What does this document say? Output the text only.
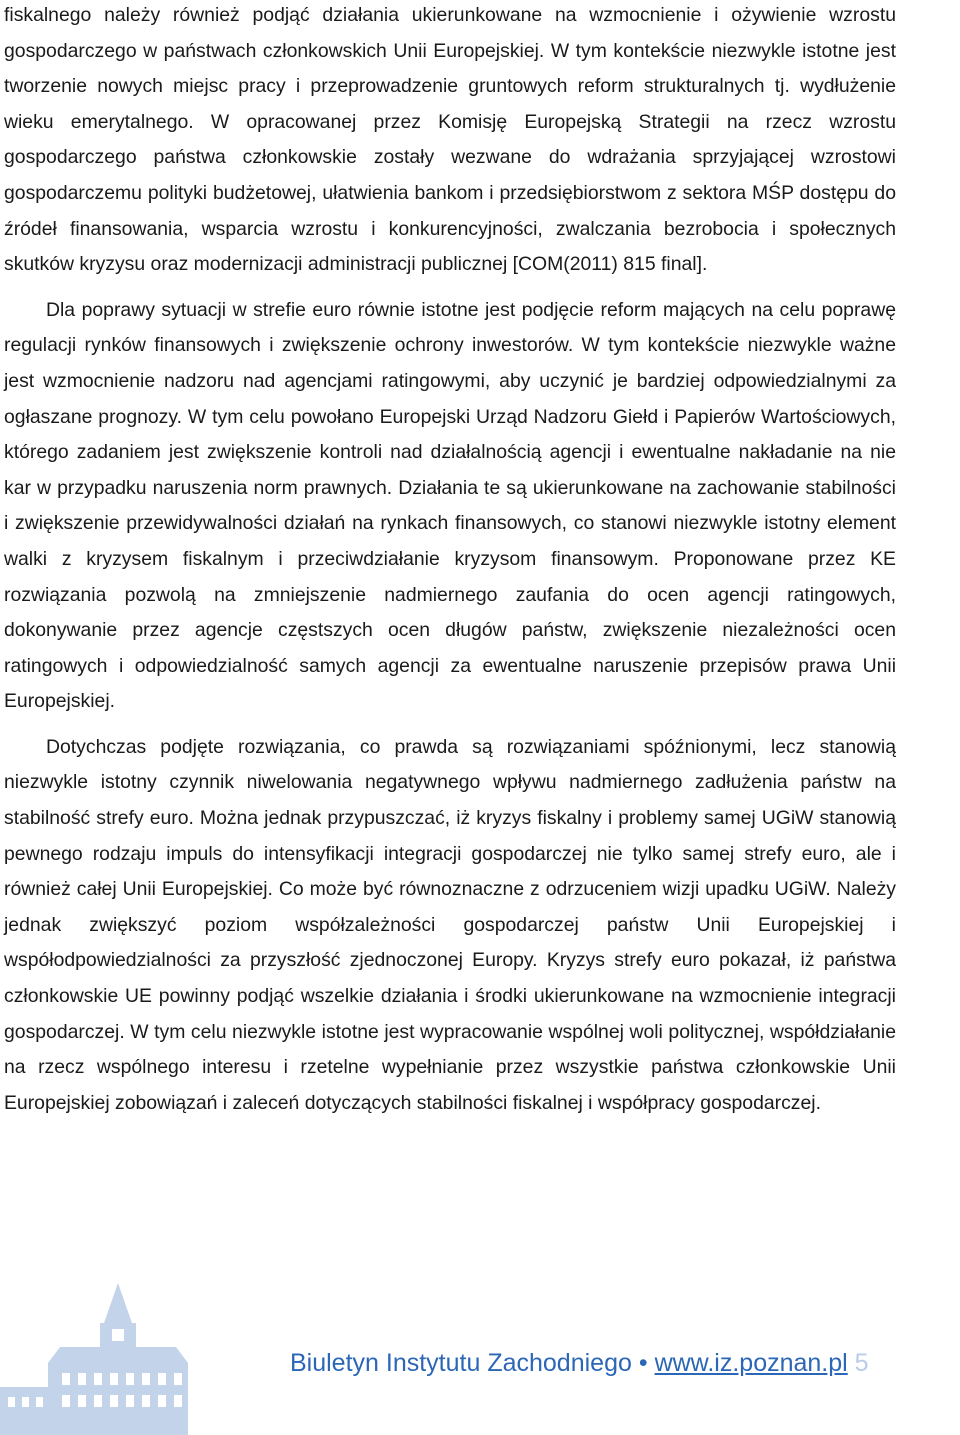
fiskalnego należy również podjąć działania ukierunkowane na wzmocnienie i ożywienie wzrostu gospodarczego w państwach członkowskich Unii Europejskiej. W tym kontekście niezwykle istotne jest tworzenie nowych miejsc pracy i przeprowadzenie gruntowych reform strukturalnych tj. wydłużenie wieku emerytalnego. W opracowanej przez Komisję Europejską Strategii na rzecz wzrostu gospodarczego państwa członkowskie zostały wezwane do wdrażania sprzyjającej wzrostowi gospodarczemu polityki budżetowej, ułatwienia bankom i przedsiębiorstwom z sektora MŚP dostępu do źródeł finansowania, wsparcia wzrostu i konkurencyjności, zwalczania bezrobocia i społecznych skutków kryzysu oraz modernizacji administracji publicznej [COM(2011) 815 final].

Dla poprawy sytuacji w strefie euro równie istotne jest podjęcie reform mających na celu poprawę regulacji rynków finansowych i zwiększenie ochrony inwestorów. W tym kontekście niezwykle ważne jest wzmocnienie nadzoru nad agencjami ratingowymi, aby uczynić je bardziej odpowiedzialnymi za ogłaszane prognozy. W tym celu powołano Europejski Urząd Nadzoru Giełd i Papierów Wartościowych, którego zadaniem jest zwiększenie kontroli nad działalnością agencji i ewentualne nakładanie na nie kar w przypadku naruszenia norm prawnych. Działania te są ukierunkowane na zachowanie stabilności i zwiększenie przewidywalności działań na rynkach finansowych, co stanowi niezwykle istotny element walki z kryzysem fiskalnym i przeciwdziałanie kryzysom finansowym. Proponowane przez KE rozwiązania pozwolą na zmniejszenie nadmiernego zaufania do ocen agencji ratingowych, dokonywanie przez agencje częstszych ocen długów państw, zwiększenie niezależności ocen ratingowych i odpowiedzialność samych agencji za ewentualne naruszenie przepisów prawa Unii Europejskiej.

Dotychczas podjęte rozwiązania, co prawda są rozwiązaniami spóźnionymi, lecz stanowią niezwykle istotny czynnik niwelowania negatywnego wpływu nadmiernego zadłużenia państw na stabilność strefy euro. Można jednak przypuszczać, iż kryzys fiskalny i problemy samej UGiW stanowią pewnego rodzaju impuls do intensyfikacji integracji gospodarczej nie tylko samej strefy euro, ale i również całej Unii Europejskiej. Co może być równoznaczne z odrzuceniem wizji upadku UGiW. Należy jednak zwiększyć poziom współzależności gospodarczej państw Unii Europejskiej i współodpowiedzialności za przyszłość zjednoczonej Europy. Kryzys strefy euro pokazał, iż państwa członkowskie UE powinny podjąć wszelkie działania i środki ukierunkowane na wzmocnienie integracji gospodarczej. W tym celu niezwykle istotne jest wypracowanie wspólnej woli politycznej, współdziałanie na rzecz wspólnego interesu i rzetelne wypełnianie przez wszystkie państwa członkowskie Unii Europejskiej zobowiązań i zaleceń dotyczących stabilności fiskalnej i współpracy gospodarczej.

Biuletyn Instytutu Zachodniego • www.iz.poznan.pl 5
